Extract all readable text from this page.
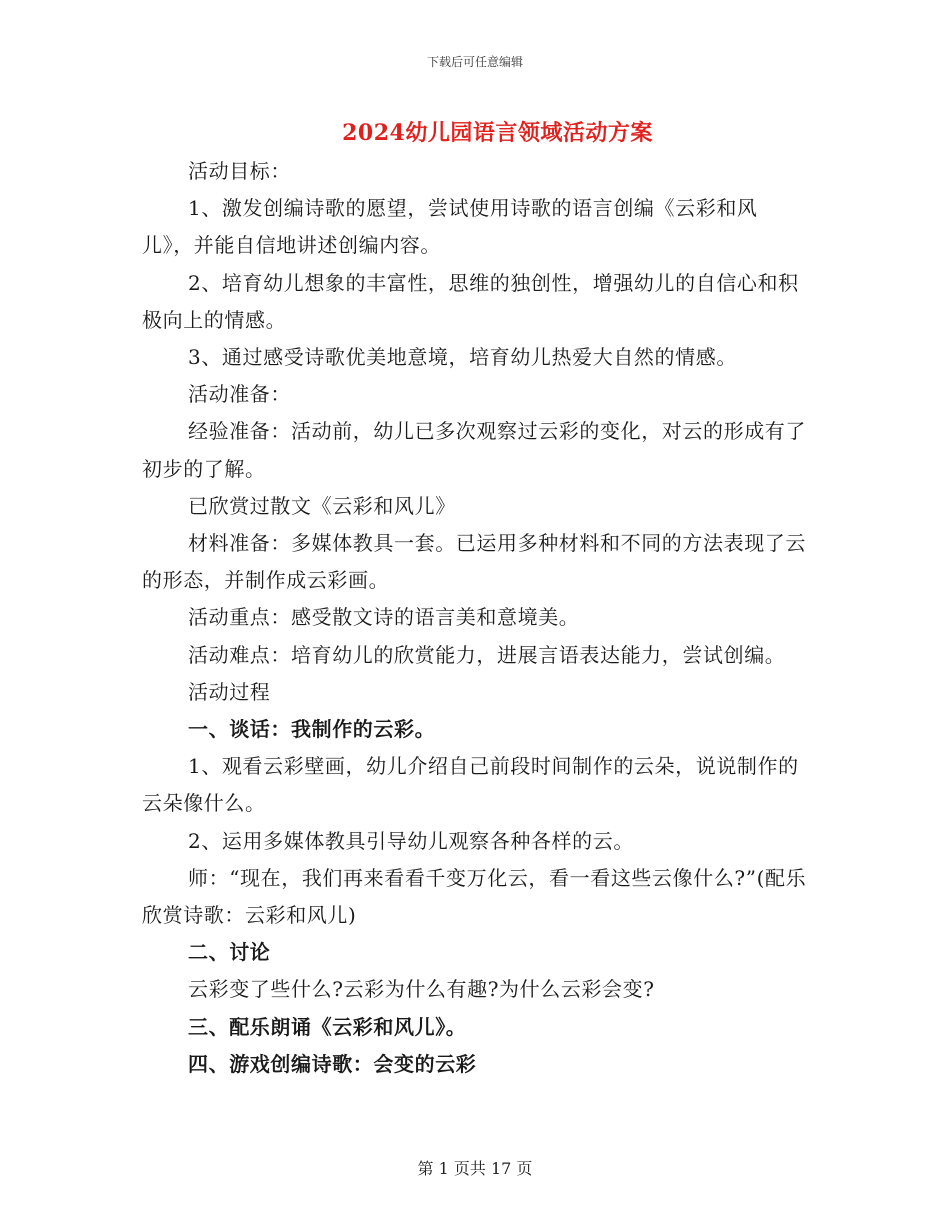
下载后可任意编辑
2024幼儿园语言领域活动方案

活动目标：

1、激发创编诗歌的愿望，尝试使用诗歌的语言创编《云彩和风儿》，并能自信地讲述创编内容。

2、培育幼儿想象的丰富性，思维的独创性，增强幼儿的自信心和积极向上的情感。

3、通过感受诗歌优美地意境，培育幼儿热爱大自然的情感。

活动准备：

经验准备：活动前，幼儿已多次观察过云彩的变化，对云的形成有了初步的了解。

已欣赏过散文《云彩和风儿》

材料准备：多媒体教具一套。已运用多种材料和不同的方法表现了云的形态，并制作成云彩画。

活动重点：感受散文诗的语言美和意境美。

活动难点：培育幼儿的欣赏能力，进展言语表达能力，尝试创编。

活动过程

一、谈话：我制作的云彩。

1、观看云彩壁画，幼儿介绍自己前段时间制作的云朵，说说制作的云朵像什么。

2、运用多媒体教具引导幼儿观察各种各样的云。

师：“现在，我们再来看看千变万化云，看一看这些云像什么?”(配乐欣赏诗歌：云彩和风儿)

二、讨论

云彩变了些什么?云彩为什么有趣?为什么云彩会变?

三、配乐朗诵《云彩和风儿》。

四、游戏创编诗歌：会变的云彩

第 1 页共 17 页
